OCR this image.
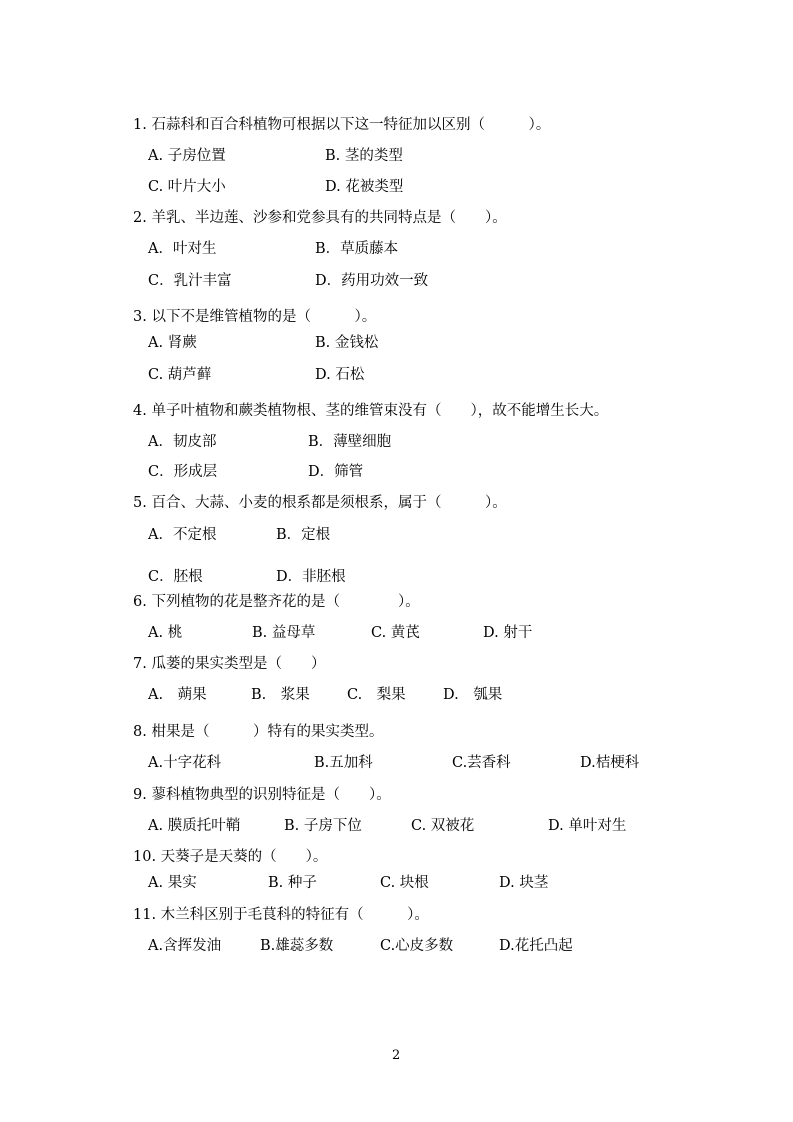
1. 石蒜科和百合科植物可根据以下这一特征加以区别（　　　）。
A. 子房位置	B. 茎的类型
C. 叶片大小	D. 花被类型
2. 羊乳、半边莲、沙参和党参具有的共同特点是（　　）。
A．叶对生	B．草质藤本
C．乳汁丰富	D．药用功效一致
3. 以下不是维管植物的是（　　　）。
A. 肾蕨	B. 金钱松
C. 葫芦藓	D. 石松
4. 单子叶植物和蕨类植物根、茎的维管束没有（　　），故不能增生长大。
A．韧皮部	B．薄壁细胞
C．形成层	D．筛管
5. 百合、大蒜、小麦的根系都是须根系，属于（　　　）。
A．不定根	B．定根
C．胚根	D．非胚根
6. 下列植物的花是整齐花的是（　　　　）。
A. 桃	B. 益母草	C. 黄芪	D. 射干
7. 瓜蒌的果实类型是（　　）
A.　蒴果	B.　浆果	C.　梨果	D.　瓠果
8. 柑果是（　　　）特有的果实类型。
A.十字花科	B.五加科	C.芸香科	D.桔梗科
9. 蓼科植物典型的识别特征是（　　）。
A. 膜质托叶鞘	B. 子房下位	C. 双被花	D. 单叶对生
10. 天葵子是天葵的（　　）。
A. 果实	B. 种子	C. 块根	D. 块茎
11. 木兰科区别于毛茛科的特征有（　　　）。
A.含挥发油	B.雄蕊多数	C.心皮多数	D.花托凸起
2
